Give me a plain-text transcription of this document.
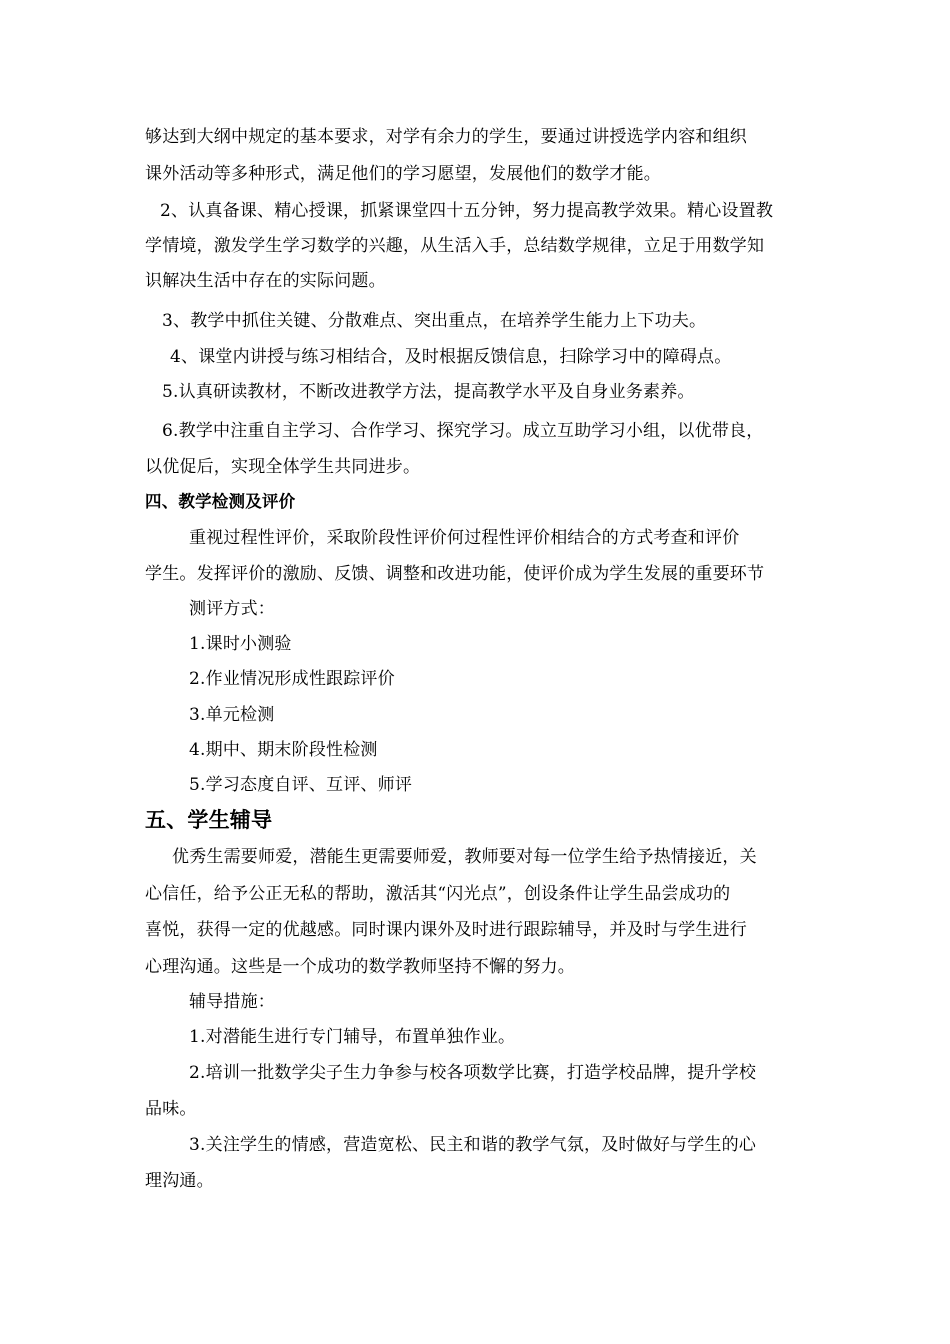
够达到大纲中规定的基本要求，对学有余力的学生，要通过讲授选学内容和组织
课外活动等多种形式，满足他们的学习愿望，发展他们的数学才能。
2、认真备课、精心授课，抓紧课堂四十五分钟，努力提高教学效果。精心设置教
学情境，激发学生学习数学的兴趣，从生活入手，总结数学规律，立足于用数学知
识解决生活中存在的实际问题。
3、教学中抓住关键、分散难点、突出重点，在培养学生能力上下功夫。
4、课堂内讲授与练习相结合，及时根据反馈信息，扫除学习中的障碍点。
5.认真研读教材，不断改进教学方法，提高教学水平及自身业务素养。
6.教学中注重自主学习、合作学习、探究学习。成立互助学习小组，以优带良，
以优促后，实现全体学生共同进步。
四、教学检测及评价
重视过程性评价，采取阶段性评价何过程性评价相结合的方式考查和评价
学生。发挥评价的激励、反馈、调整和改进功能，使评价成为学生发展的重要环节
测评方式：
1.课时小测验
2.作业情况形成性跟踪评价
3.单元检测
4.期中、期末阶段性检测
5.学习态度自评、互评、师评
五、学生辅导
优秀生需要师爱，潜能生更需要师爱，教师要对每一位学生给予热情接近，关
心信任，给予公正无私的帮助，激活其“闪光点”，创设条件让学生品尝成功的
喜悦，获得一定的优越感。同时课内课外及时进行跟踪辅导，并及时与学生进行
心理沟通。这些是一个成功的数学教师坚持不懈的努力。
辅导措施：
1.对潜能生进行专门辅导，布置单独作业。
2.培训一批数学尖子生力争参与校各项数学比赛，打造学校品牌，提升学校
品味。
3.关注学生的情感，营造宽松、民主和谐的教学气氛，及时做好与学生的心
理沟通。
